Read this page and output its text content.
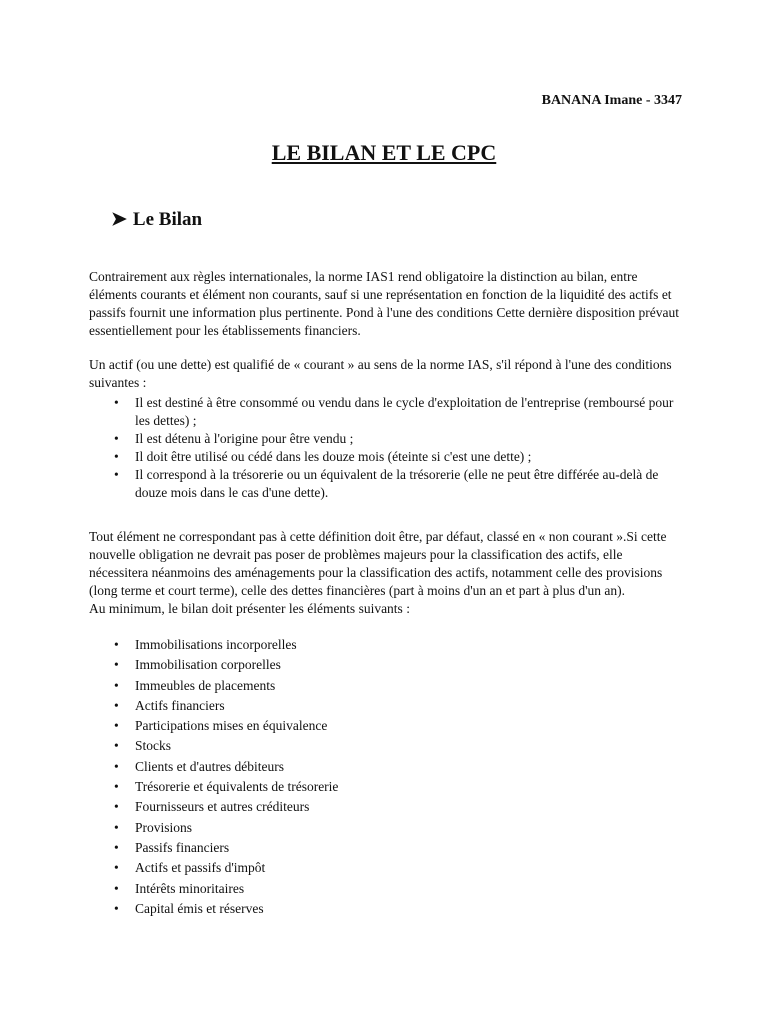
BANANA Imane - 3347
LE BILAN ET LE CPC
➤ Le Bilan

Contrairement aux règles internationales, la norme IAS1 rend obligatoire la distinction au bilan, entre éléments courants et élément non courants, sauf si une représentation en fonction de la liquidité des actifs et passifs fournit une information plus pertinente. Pond à l'une des conditions Cette dernière disposition prévaut essentiellement pour les établissements financiers.

Un actif (ou une dette) est qualifié de « courant » au sens de la norme IAS, s'il répond à l'une des conditions suivantes :

• Il est destiné à être consommé ou vendu dans le cycle d'exploitation de l'entreprise (remboursé pour les dettes) ;
• Il est détenu à l'origine pour être vendu ;
• Il doit être utilisé ou cédé dans les douze mois (éteinte si c'est une dette) ;
• Il correspond à la trésorerie ou un équivalent de la trésorerie (elle ne peut être différée au-delà de douze mois dans le cas d'une dette).
Tout élément ne correspondant pas à cette définition doit être, par défaut, classé en « non courant ».Si cette nouvelle obligation ne devrait pas poser de problèmes majeurs pour la classification des actifs, elle nécessitera néanmoins des aménagements pour la classification des actifs, notamment celle des provisions (long terme et court terme), celle des dettes financières (part à moins d'un an et part à plus d'un an).
Au minimum, le bilan doit présenter les éléments suivants :
• Immobilisations incorporelles
• Immobilisation corporelles
• Immeubles de placements
• Actifs financiers
• Participations mises en équivalence
• Stocks
• Clients et d'autres débiteurs
• Trésorerie et équivalents de trésorerie
• Fournisseurs et autres créditeurs
• Provisions
• Passifs financiers
• Actifs et passifs d'impôt
• Intérêts minoritaires
• Capital émis et réserves
